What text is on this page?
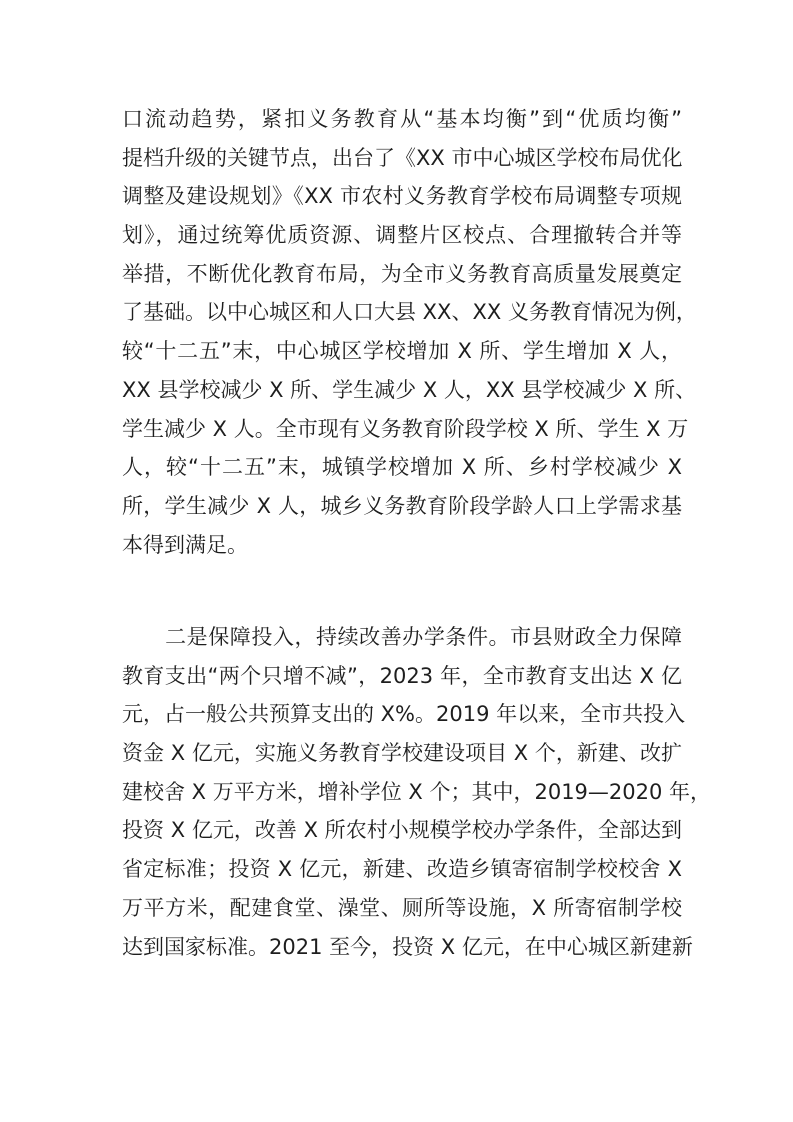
口流动趋势，紧扣义务教育从“基本均衡”到“优质均衡”
提档升级的关键节点，出台了《XX 市中心城区学校布局优化
调整及建设规划》《XX 市农村义务教育学校布局调整专项规
划》，通过统筹优质资源、调整片区校点、合理撤转合并等
举措，不断优化教育布局，为全市义务教育高质量发展奠定
了基础。以中心城区和人口大县 XX、XX 义务教育情况为例，
较“十二五”末，中心城区学校增加 X 所、学生增加 X 人，
XX 县学校减少 X 所、学生减少 X 人，XX 县学校减少 X 所、
学生减少 X 人。全市现有义务教育阶段学校 X 所、学生 X 万
人，较“十二五”末，城镇学校增加 X 所、乡村学校减少 X
所，学生减少 X 人，城乡义务教育阶段学龄人口上学需求基
本得到满足。
　　二是保障投入，持续改善办学条件。市县财政全力保障
教育支出“两个只增不减”，2023 年，全市教育支出达 X 亿
元，占一般公共预算支出的 X%。2019 年以来，全市共投入
资金 X 亿元，实施义务教育学校建设项目 X 个，新建、改扩
建校舍 X 万平方米，增补学位 X 个；其中，2019—2020 年，
投资 X 亿元，改善 X 所农村小规模学校办学条件，全部达到
省定标准；投资 X 亿元，新建、改造乡镇寄宿制学校校舍 X
万平方米，配建食堂、澡堂、厕所等设施，X 所寄宿制学校
达到国家标准。2021 至今，投资 X 亿元，在中心城区新建新
